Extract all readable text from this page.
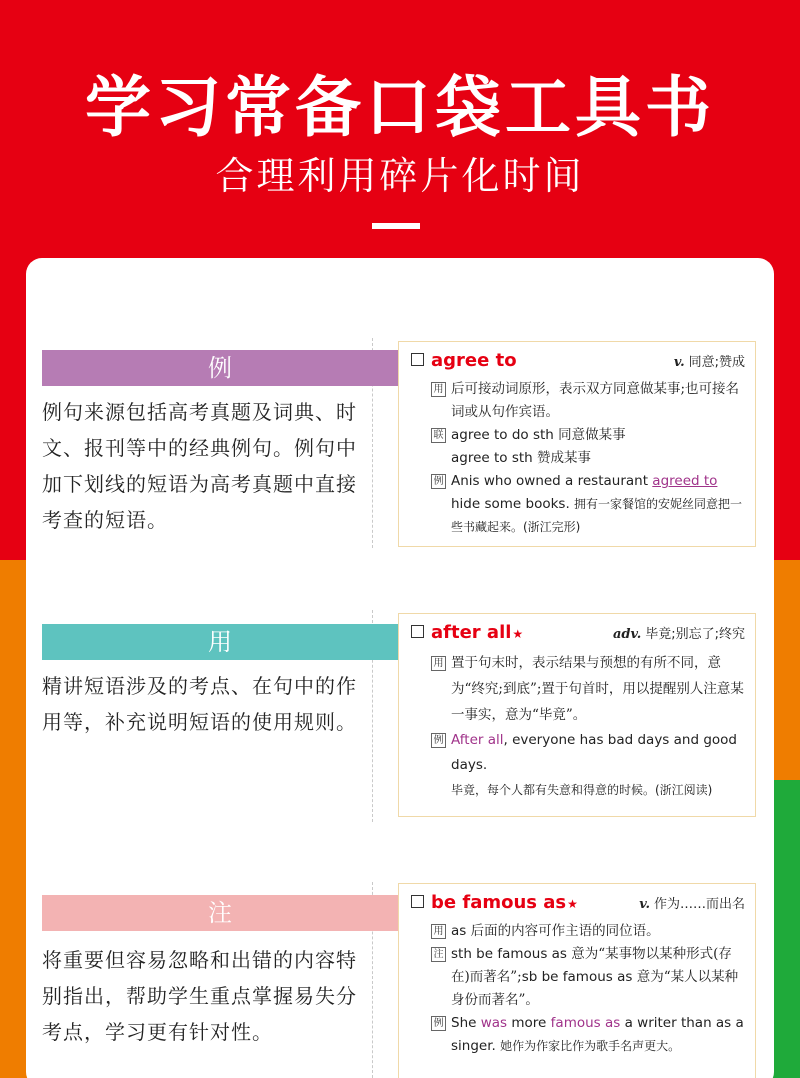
学习常备口袋工具书
合理利用碎片化时间
例
例句来源包括高考真题及词典、时文、报刊等中的经典例句。例句中加下划线的短语为高考真题中直接考查的短语。
agree to	v. 同意;赞成
用 后可接动词原形，表示双方同意做某事;也可接名词或从句作宾语。
联 agree to do sth 同意做某事
agree to sth 赞成某事
例 Anis who owned a restaurant agreed to hide some books. 拥有一家餐馆的安妮丝同意把一些书藏起来。(浙江完形)
用
精讲短语涉及的考点、在句中的作用等，补充说明短语的使用规则。
after all ★	adv. 毕竟;别忘了;终究
用 置于句末时，表示结果与预想的有所不同，意为“终究;到底”;置于句首时，用以提醒别人注意某一事实，意为“毕竟”。
例 After all, everyone has bad days and good days.
毕竟，每个人都有失意和得意的时候。(浙江阅读)
注
将重要但容易忽略和出错的内容特别指出，帮助学生重点掌握易失分考点，学习更有针对性。
be famous as ★	v. 作为……而出名
用 as 后面的内容可作主语的同位语。
注 sth be famous as 意为“某事物以某种形式(存在)而著名”;sb be famous as 意为“某人以某种身份而著名”。
例 She was more famous as a writer than as a singer. 她作为作家比作为歌手名声更大。
